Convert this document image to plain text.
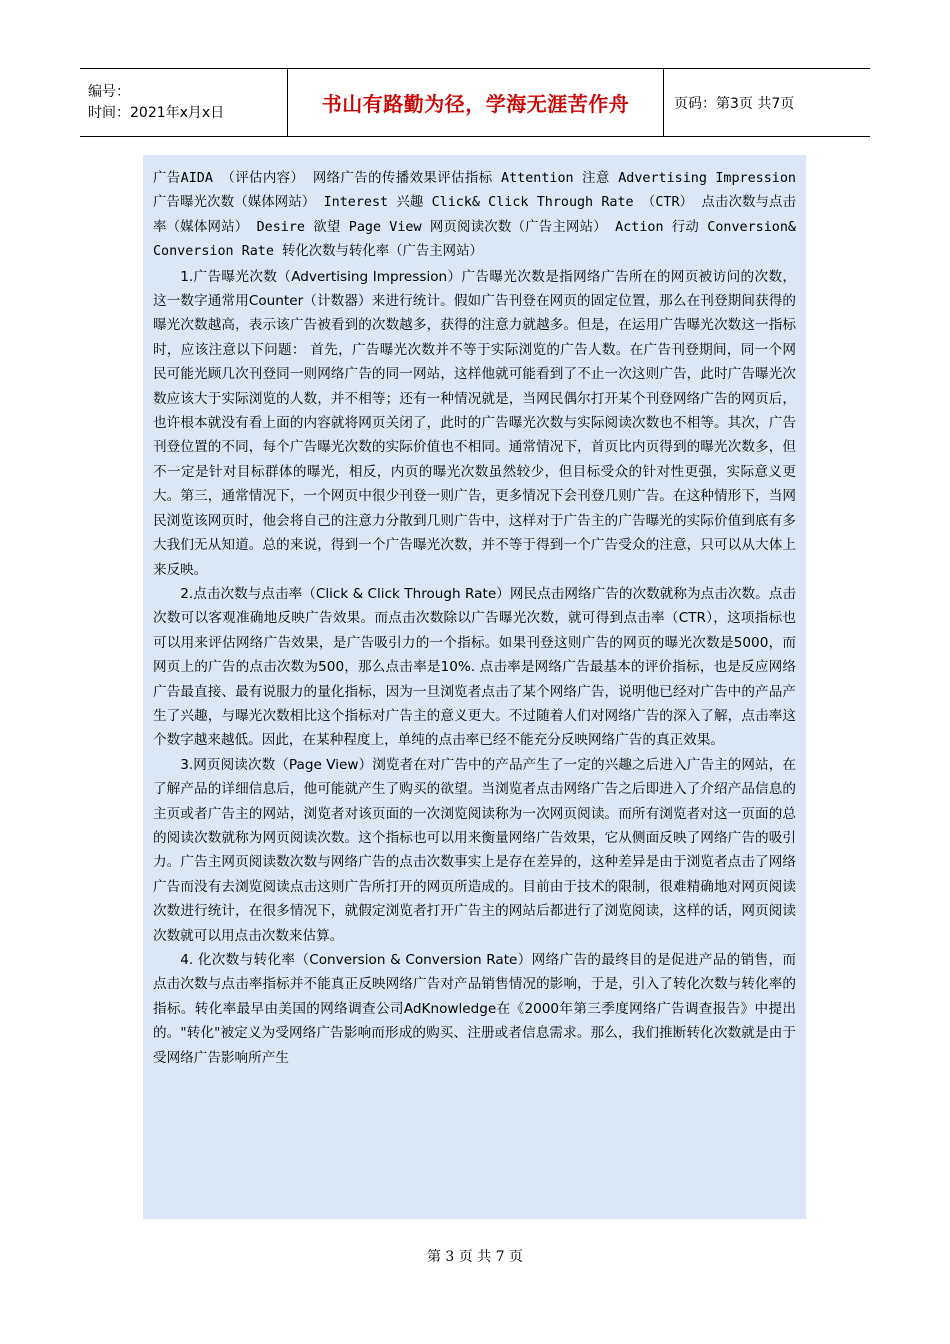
编号：
时间：2021年x月x日	书山有路勤为径，学海无涯苦作舟	页码：第3页 共7页

广告AIDA （评估内容） 网络广告的传播效果评估指标 Attention 注意 Advertising Impression 广告曝光次数（媒体网站） Interest 兴趣 Click& Click Through Rate （CTR） 点击次数与点击率（媒体网站） Desire 欲望 Page View 网页阅读次数（广告主网站） Action 行动 Conversion& Conversion Rate 转化次数与转化率（广告主网站）

1.广告曝光次数（Advertising Impression）广告曝光次数是指网络广告所在的网页被访问的次数，这一数字通常用Counter（计数器）来进行统计。假如广告刊登在网页的固定位置，那么在刊登期间获得的曝光次数越高，表示该广告被看到的次数越多，获得的注意力就越多。但是，在运用广告曝光次数这一指标时，应该注意以下问题： 首先，广告曝光次数并不等于实际浏览的广告人数。在广告刊登期间，同一个网民可能光顾几次刊登同一则网络广告的同一网站，这样他就可能看到了不止一次这则广告，此时广告曝光次数应该大于实际浏览的人数，并不相等；还有一种情况就是，当网民偶尔打开某个刊登网络广告的网页后，也许根本就没有看上面的内容就将网页关闭了，此时的广告曝光次数与实际阅读次数也不相等。其次，广告刊登位置的不同，每个广告曝光次数的实际价值也不相同。通常情况下，首页比内页得到的曝光次数多，但不一定是针对目标群体的曝光，相反，内页的曝光次数虽然较少，但目标受众的针对性更强，实际意义更大。第三，通常情况下，一个网页中很少刊登一则广告，更多情况下会刊登几则广告。在这种情形下，当网民浏览该网页时，他会将自己的注意力分散到几则广告中，这样对于广告主的广告曝光的实际价值到底有多大我们无从知道。总的来说，得到一个广告曝光次数，并不等于得到一个广告受众的注意，只可以从大体上来反映。

2.点击次数与点击率（Click & Click Through Rate）网民点击网络广告的次数就称为点击次数。点击次数可以客观准确地反映广告效果。而点击次数除以广告曝光次数，就可得到点击率（CTR），这项指标也可以用来评估网络广告效果，是广告吸引力的一个指标。如果刊登这则广告的网页的曝光次数是5000，而网页上的广告的点击次数为500，那么点击率是10%. 点击率是网络广告最基本的评价指标，也是反应网络广告最直接、最有说服力的量化指标，因为一旦浏览者点击了某个网络广告，说明他已经对广告中的产品产生了兴趣，与曝光次数相比这个指标对广告主的意义更大。不过随着人们对网络广告的深入了解，点击率这个数字越来越低。因此，在某种程度上，单纯的点击率已经不能充分反映网络广告的真正效果。

3.网页阅读次数（Page View）浏览者在对广告中的产品产生了一定的兴趣之后进入广告主的网站，在了解产品的详细信息后，他可能就产生了购买的欲望。当浏览者点击网络广告之后即进入了介绍产品信息的主页或者广告主的网站，浏览者对该页面的一次浏览阅读称为一次网页阅读。而所有浏览者对这一页面的总的阅读次数就称为网页阅读次数。这个指标也可以用来衡量网络广告效果，它从侧面反映了网络广告的吸引力。广告主网页阅读数次数与网络广告的点击次数事实上是存在差异的，这种差异是由于浏览者点击了网络广告而没有去浏览阅读点击这则广告所打开的网页所造成的。目前由于技术的限制，很难精确地对网页阅读次数进行统计，在很多情况下，就假定浏览者打开广告主的网站后都进行了浏览阅读，这样的话，网页阅读次数就可以用点击次数来估算。

4. 化次数与转化率（Conversion & Conversion Rate）网络广告的最终目的是促进产品的销售，而点击次数与点击率指标并不能真正反映网络广告对产品销售情况的影响，于是，引入了转化次数与转化率的指标。转化率最早由美国的网络调查公司AdKnowledge在《2000年第三季度网络广告调查报告》中提出的。"转化"被定义为受网络广告影响而形成的购买、注册或者信息需求。那么，我们推断转化次数就是由于受网络广告影响所产生

第 3 页 共 7 页
